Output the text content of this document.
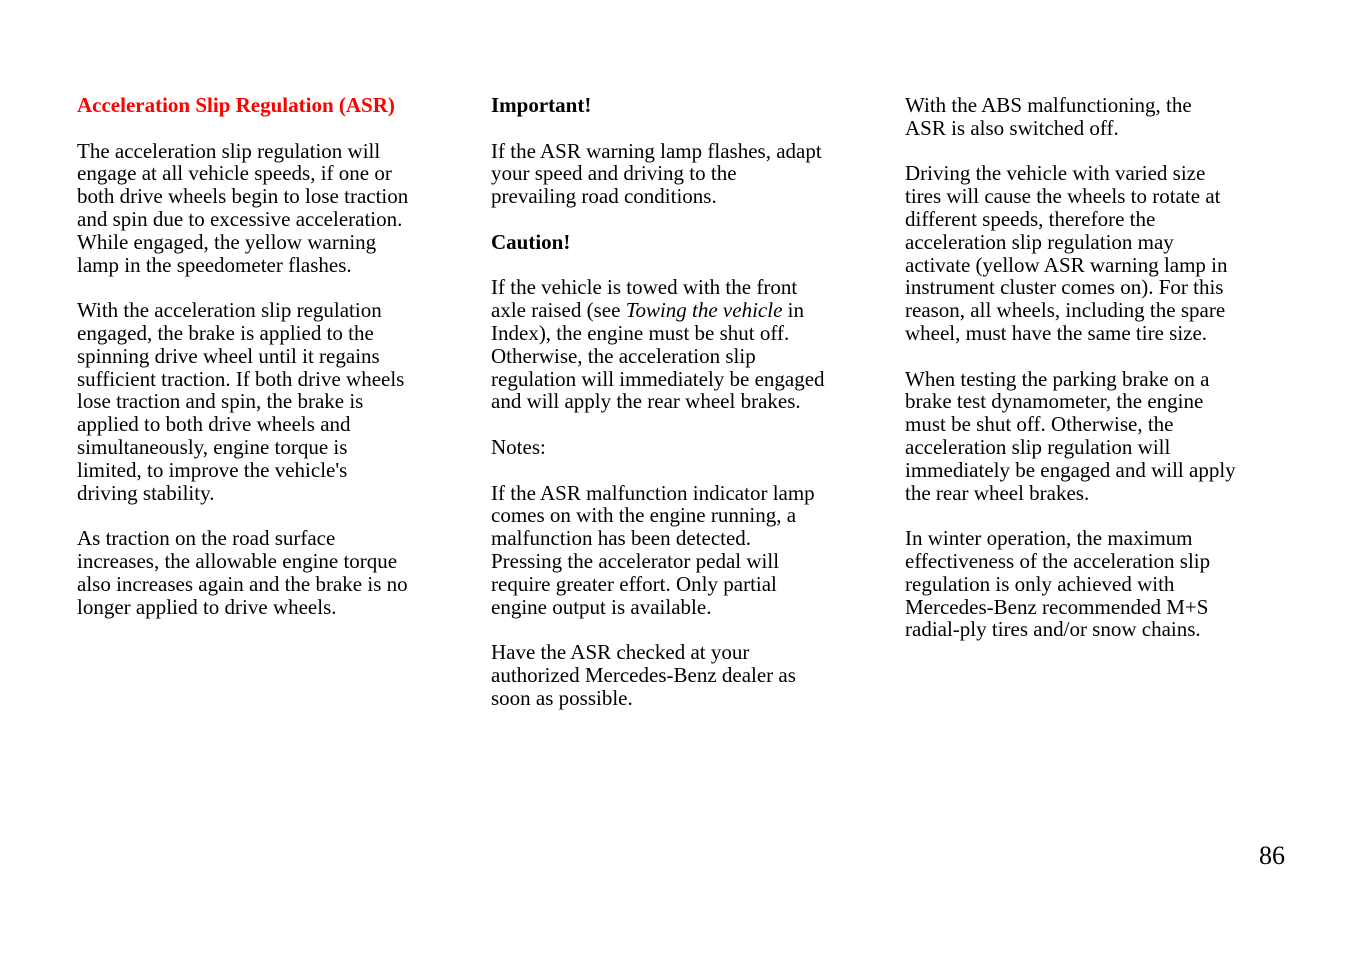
Acceleration Slip Regulation (ASR)
The acceleration slip regulation will
engage at all vehicle speeds, if one or
both drive wheels begin to lose traction
and spin due to excessive acceleration.
While engaged, the yellow warning
lamp in the speedometer flashes.
With the acceleration slip regulation
engaged, the brake is applied to the
spinning drive wheel until it regains
sufficient traction. If both drive wheels
lose traction and spin, the brake is
applied to both drive wheels and
simultaneously, engine torque is
limited, to improve the vehicle's
driving stability.
As traction on the road surface
increases, the allowable engine torque
also increases again and the brake is no
longer applied to drive wheels.
Important!
If the ASR warning lamp flashes, adapt
your speed and driving to the
prevailing road conditions.
Caution!
If the vehicle is towed with the front
axle raised (see Towing the vehicle in
Index), the engine must be shut off.
Otherwise, the acceleration slip
regulation will immediately be engaged
and will apply the rear wheel brakes.
Notes:
If the ASR malfunction indicator lamp
comes on with the engine running, a
malfunction has been detected.
Pressing the accelerator pedal will
require greater effort. Only partial
engine output is available.
Have the ASR checked at your
authorized Mercedes-Benz dealer as
soon as possible.
With the ABS malfunctioning, the
ASR is also switched off.
Driving the vehicle with varied size
tires will cause the wheels to rotate at
different speeds, therefore the
acceleration slip regulation may
activate (yellow ASR warning lamp in
instrument cluster comes on). For this
reason, all wheels, including the spare
wheel, must have the same tire size.
When testing the parking brake on a
brake test dynamometer, the engine
must be shut off. Otherwise, the
acceleration slip regulation will
immediately be engaged and will apply
the rear wheel brakes.
In winter operation, the maximum
effectiveness of the acceleration slip
regulation is only achieved with
Mercedes-Benz recommended M+S
radial-ply tires and/or snow chains.
86
